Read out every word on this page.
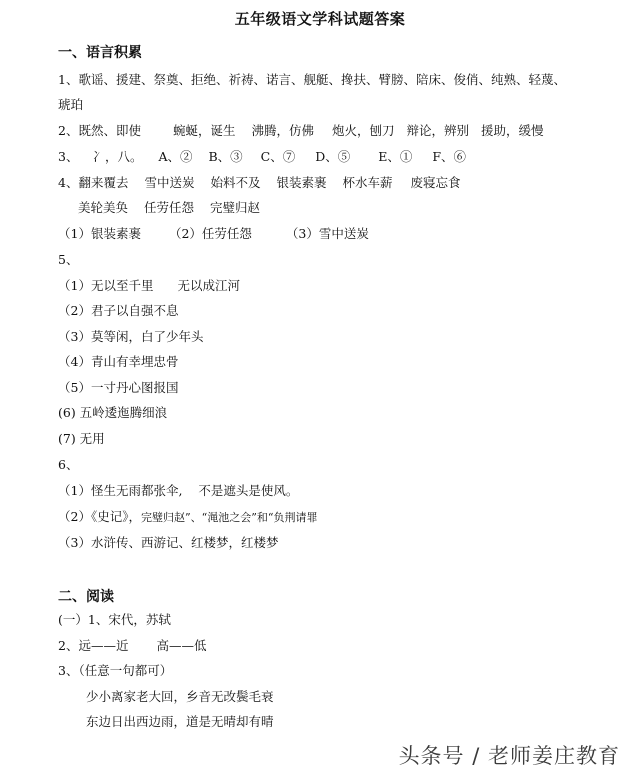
五年级语文学科试题答案
一、语言积累
1、歌谣、援建、祭奠、拒绝、祈祷、诺言、舰艇、搀扶、臂膀、陪床、俊俏、纯熟、轻蔑、
琥珀
2、既然、即使	蜿蜒，诞生 沸腾，仿佛 炮火，刨刀 辩论，辨别 援助，缓慢
3、 冫，八。 A、② B、③ C、⑦ D、⑤ E、① F、⑥
4、翻来覆去 雪中送炭 始料不及 银装素裹 杯水车薪 废寝忘食
美轮美奂 任劳任怨 完璧归赵
（1）银装素裹 （2）任劳任怨	（3）雪中送炭
5、
（1）无以至千里 无以成江河
（2）君子以自强不息
（3）莫等闲，白了少年头
（4）青山有幸埋忠骨
（5）一寸丹心图报国
(6) 五岭逶迤腾细浪
(7) 无用
6、
（1）怪生无雨都张伞, 不是遮头是使风。
（2）《史记》，完璧归赵”、“渑池之会”和“负荆请罪
（3）水浒传、西游记、红楼梦，红楼梦
二、阅读
(一）1、宋代，苏轼
2、远——近 高——低
3、（任意一句都可）
少小离家老大回，乡音无改鬓毛衰
东边日出西边雨，道是无晴却有晴
头条号 / 老师姜庄教育
